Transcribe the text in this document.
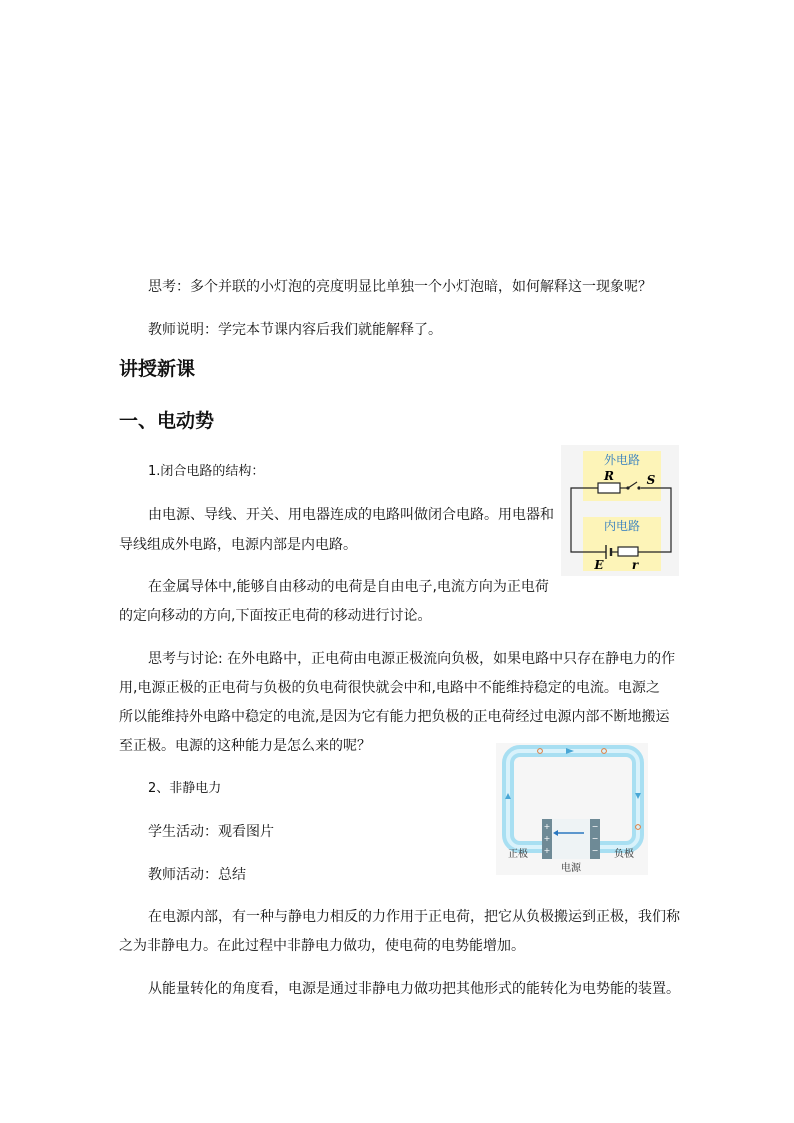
思考：多个并联的小灯泡的亮度明显比单独一个小灯泡暗，如何解释这一现象呢？
教师说明：学完本节课内容后我们就能解释了。
讲授新课
一、电动势
1.闭合电路的结构：
由电源、导线、开关、用电器连成的电路叫做闭合电路。用电器和
导线组成外电路，电源内部是内电路。
在金属导体中,能够自由移动的电荷是自由电子,电流方向为正电荷
的定向移动的方向,下面按正电荷的移动进行讨论。
思考与讨论: 在外电路中，正电荷由电源正极流向负极，如果电路中只存在静电力的作
用,电源正极的正电荷与负极的负电荷很快就会中和,电路中不能维持稳定的电流。电源之
所以能维持外电路中稳定的电流,是因为它有能力把负极的正电荷经过电源内部不断地搬运
至正极。电源的这种能力是怎么来的呢？
2、非静电力
学生活动：观看图片
教师活动：总结
在电源内部，有一种与静电力相反的力作用于正电荷，把它从负极搬运到正极，我们称
之为非静电力。在此过程中非静电力做功，使电荷的电势能增加。
从能量转化的角度看，电源是通过非静电力做功把其他形式的能转化为电势能的装置。
外电路
内电路
R	S
E r
+
+
+
−
−
−
正极	负极
电源
